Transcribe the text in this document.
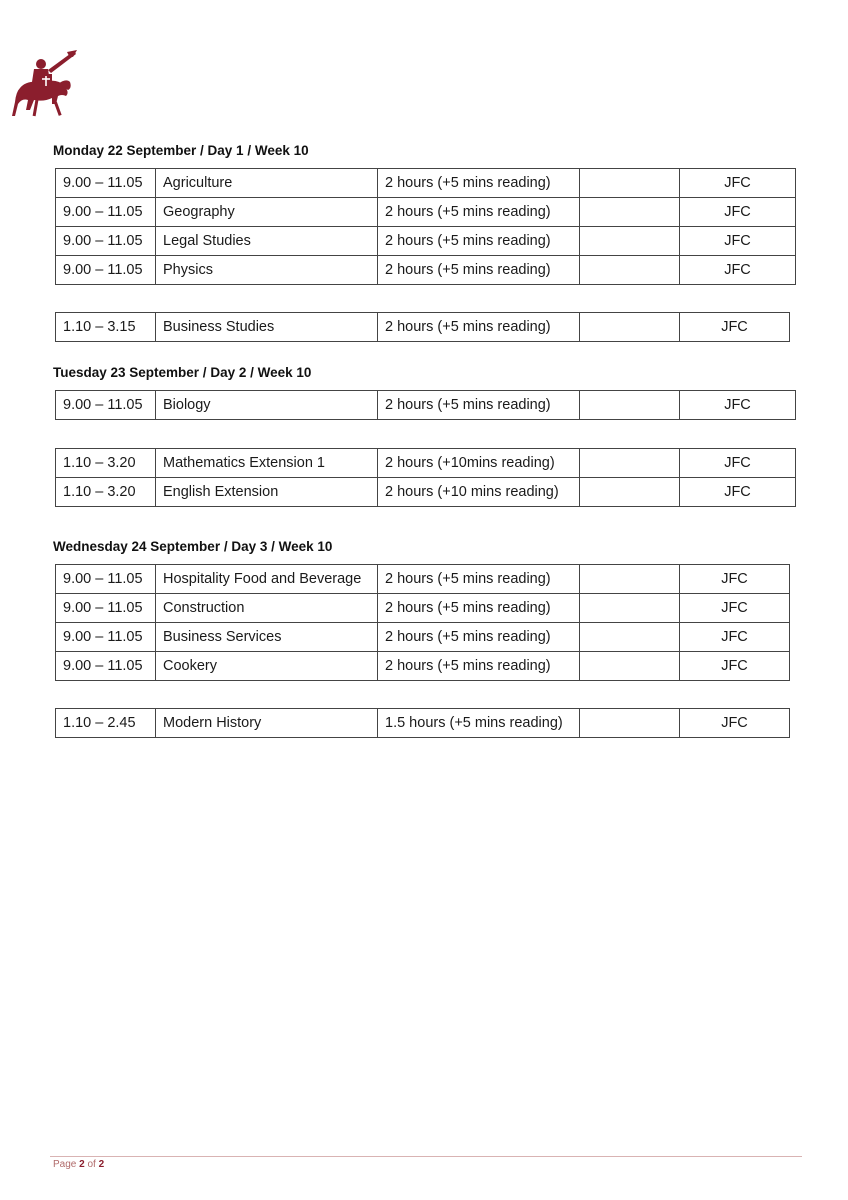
Monday 22 September / Day 1 / Week 10
9.00 – 11.05	Agriculture	2 hours (+5 mins reading)		JFC
9.00 – 11.05	Geography	2 hours (+5 mins reading)		JFC
9.00 – 11.05	Legal Studies	2 hours (+5 mins reading)		JFC
9.00 – 11.05	Physics	2 hours (+5 mins reading)		JFC
1.10 – 3.15	Business Studies	2 hours (+5 mins reading)		JFC
Tuesday 23 September / Day 2 / Week 10
9.00 – 11.05	Biology	2 hours (+5 mins reading)		JFC
1.10 – 3.20	Mathematics Extension 1	2 hours (+10mins reading)		JFC
1.10 – 3.20	English Extension	2 hours (+10 mins reading)		JFC
Wednesday 24 September / Day 3 / Week 10
9.00 – 11.05	Hospitality Food and Beverage	2 hours (+5 mins reading)		JFC
9.00 – 11.05	Construction	2 hours (+5 mins reading)		JFC
9.00 – 11.05	Business Services	2 hours (+5 mins reading)		JFC
9.00 – 11.05	Cookery	2 hours (+5 mins reading)		JFC
1.10 – 2.45	Modern History	1.5 hours (+5 mins reading)		JFC
Page 2 of 2
